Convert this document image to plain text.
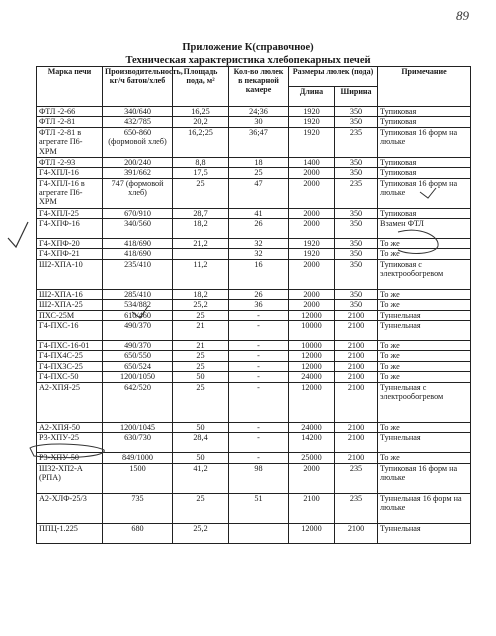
89
Приложение К(справочное)
Техническая характеристика хлебопекарных печей
Марка печи	Производительность, кг/ч батон/хлеб	Площадь пода, м²	Кол-во люлек в пекарной камере	Размеры люлек (пода)		Примечание
				Длина	Ширина	
ФТЛ -2-66	340/640	16,25	24;36	1920	350	Тупиковая
ФТЛ -2-81	432/785	20,2	30	1920	350	Тупиковая
ФТЛ -2-81 в агрегате П6-ХРМ	650-860 (формовой хлеб)	16,2;25	36;47	1920	235	Тупиковая 16 форм на люльке
ФТЛ -2-93	200/240	8,8	18	1400	350	Тупиковая
Г4-ХПЛ-16	391/662	17,5	25	2000	350	Тупиковая
Г4-ХПЛ-16 в агрегате П6-ХРМ	747 (формовой хлеб)	25	47	2000	235	Тупиковая 16 форм на люльке
Г4-ХПЛ-25	670/910	28,7	41	2000	350	Тупиковая
Г4-ХПФ-16	340/560	18,2	26	2000	350	Взамен ФТЛ
Г4-ХПФ-20	418/690	21,2	32	1920	350	То же
Г4-ХПФ-21	418/690		32	1920	350	То же
Ш2-ХПА-10	235/410	11,2	16	2000	350	Тупиковая с электрообогревом
Ш2-ХПА-16	285/410	18,2	26	2000	350	То же
Ш2-ХПА-25	534/882	25,2	36	2000	350	То же
ПХС-25М	610/460	25	-	12000	2100	Туннельная
Г4-ПХС-16	490/370	21	-	10000	2100	Туннельная
Г4-ПХС-16-01	490/370	21	-	10000	2100	То же
Г4-ПХ4С-25	650/550	25	-	12000	2100	То же
Г4-ПХ3С-25	650/524	25	-	12000	2100	То же
Г4-ПХС-50	1200/1050	50	-	24000	2100	То же
А2-ХПЯ-25	642/520	25	-	12000	2100	Туннельная с электрообогревом
А2-ХПЯ-50	1200/1045	50	-	24000	2100	То же
Р3-ХПУ-25	630/730	28,4	-	14200	2100	Туннельная
Р3-ХПУ-50	849/1000	50	-	25000	2100	То же
Ш32-ХП2-А (РПА)	1500	41,2	98	2000	235	Тупиковая 16 форм на люльке
А2-ХЛФ-25/3	735	25	51	2100	235	Туннельная 16 форм на люльке
ППЦ-1.225	680	25,2		12000	2100	Туннельная
